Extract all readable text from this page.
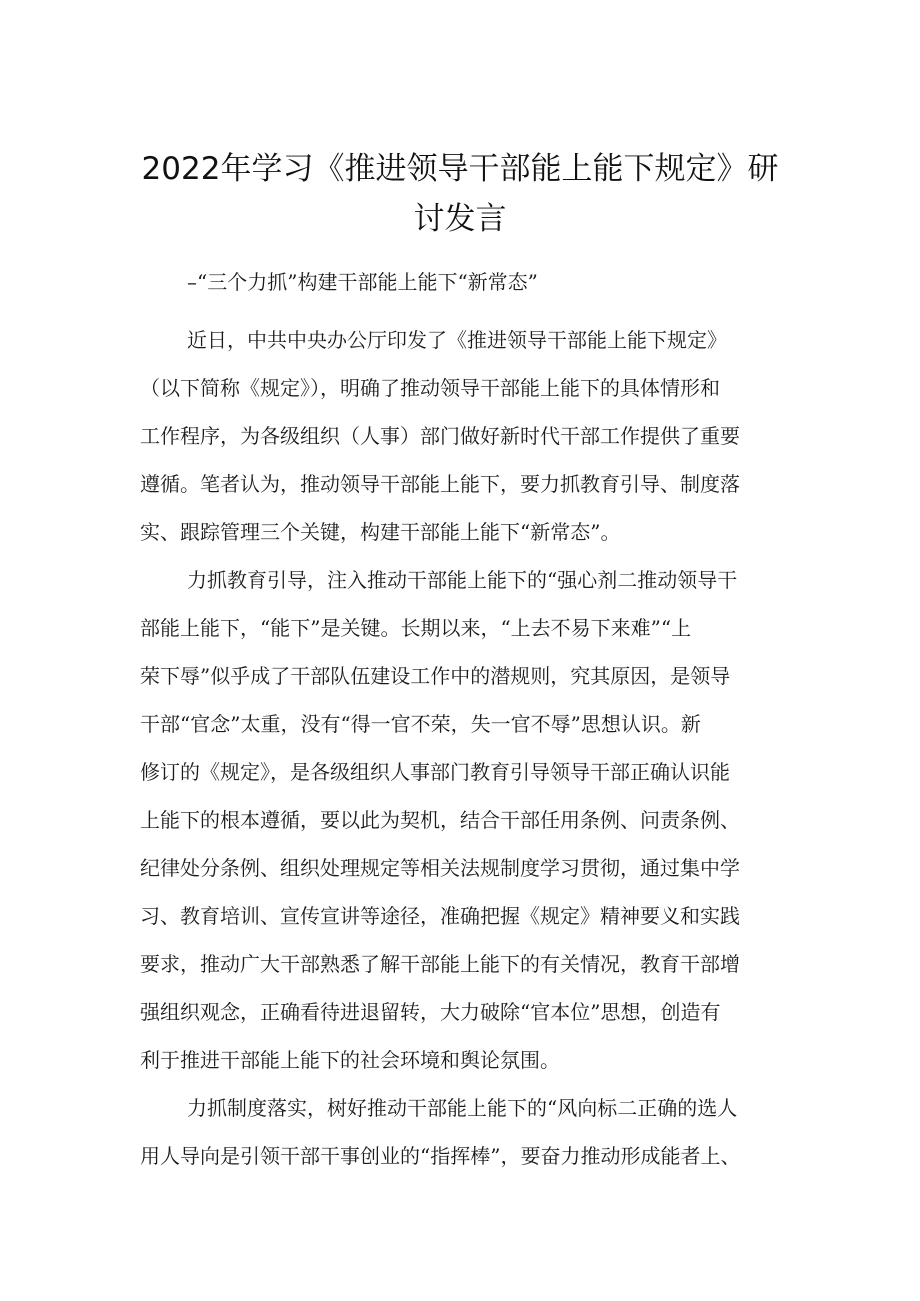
2022年学习《推进领导干部能上能下规定》研
讨发言

–“三个力抓”构建干部能上能下“新常态”

近日，中共中央办公厅印发了《推进领导干部能上能下规定》

（以下简称《规定》），明确了推动领导干部能上能下的具体情形和

工作程序，为各级组织（人事）部门做好新时代干部工作提供了重要

遵循。笔者认为，推动领导干部能上能下，要力抓教育引导、制度落

实、跟踪管理三个关键，构建干部能上能下“新常态”。

力抓教育引导，注入推动干部能上能下的“强心剂二推动领导干

部能上能下，“能下”是关键。长期以来，“上去不易下来难”“上

荣下辱”似乎成了干部队伍建设工作中的潜规则，究其原因，是领导

干部“官念”太重，没有“得一官不荣，失一官不辱”思想认识。新

修订的《规定》，是各级组织人事部门教育引导领导干部正确认识能

上能下的根本遵循，要以此为契机，结合干部任用条例、问责条例、

纪律处分条例、组织处理规定等相关法规制度学习贯彻，通过集中学

习、教育培训、宣传宣讲等途径，准确把握《规定》精神要义和实践

要求，推动广大干部熟悉了解干部能上能下的有关情况，教育干部增

强组织观念，正确看待进退留转，大力破除“官本位”思想，创造有

利于推进干部能上能下的社会环境和舆论氛围。

力抓制度落实，树好推动干部能上能下的“风向标二正确的选人

用人导向是引领干部干事创业的“指挥棒”，要奋力推动形成能者上、
